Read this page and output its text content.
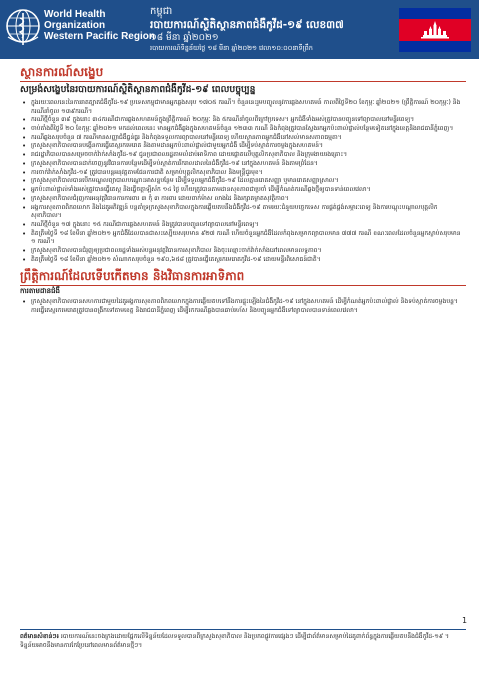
World Health
Organization
Western Pacific Region
កម្ពុជា
របាយការណ៍ស្ថិតិស្ថានភាពជំងឺកូវីដ-១៩ លេខ៣៧
១៨ មីនា ឆ្នាំ២០២១
របាយការណ៍ទិន្នន័យថ្ងៃ ១៨ មីនា ឆ្នាំ២០២១ វេលា១០:០០នាទីព្រឹក
ស្ថានការណ៍សង្ខេប
សម្រង់សង្ខេបនៃរបាយការណ៍ស្ថិតិស្ថានភាពជំងឺកូវីដ-១៩ ពេលបច្ចុប្បន្ន
• ក្នុងរយៈពេលនេះនៃការរាតត្បាតជំងឺកូវីដ-១៩ ប្រទេសកម្ពុជាមានអ្នកឆ្លងសរុប ១៧០៥ ករណី។ ចំនួននេះរួមបញ្ចូលនូវការឆ្លងសហគមន៍ កាលពីថ្ងៃទី២០ ខែកុម្ភៈ ឆ្នាំ២០២១ (ព្រឹត្តិការណ៍ ២០កុម្ភៈ) និងករណីនាំចូល ១៣៩ករណី។
• ករណីថ្មីចំនួន ៣៩ ក្នុងនោះ ៣៤ករណីជាការឆ្លងសហគមន៍ក្នុងព្រឹត្តិការណ៍ ២០កុម្ភៈ និង ៥ករណីនាំចូលពីក្រៅប្រទេស។ អ្នកជំងឺទាំងអស់ត្រូវបានបញ្ជូនទៅព្យាបាលនៅមន្ទីរពេទ្យ។
• ចាប់តាំងពីថ្ងៃទី ២០ ខែកុម្ភៈ ឆ្នាំ២០២១ មកដល់ពេលនេះ មានអ្នកជំងឺឆ្លងក្នុងសហគមន៍ចំនួន ១២៣៣ ករណី និងកំពុងត្រូវបានស្វែងរកអ្នកប៉ះពាល់ផ្ទាល់បន្ថែមទៀតនៅក្នុងខេត្តនិងរាជធានីភ្នំពេញ។
• ករណីឆ្លងសរុបចំនួន ៧ ករណីមានសញ្ញាជំងឺធ្ងន់ធ្ងរ និងកំពុងទទួលការព្យាបាលនៅមន្ទីរពេទ្យ ហើយស្ថានភាពអ្នកជំងឺនៅសល់មានសភាពធម្មតា។
• ក្រសួងសុខាភិបាលបានបង្កើនការធ្វើតេស្តរកមេរោគ និងតាមដានអ្នកប៉ះពាល់ផ្ទាល់ជាមួយអ្នកជំងឺ ដើម្បីទប់ស្កាត់ការចម្លងក្នុងសហគមន៍។
• រាជរដ្ឋាភិបាលបានសម្រេចចាក់វ៉ាក់សាំងកូវីដ-១៩ ជូនប្រជាពលរដ្ឋតាមលំដាប់អាទិភាព ដោយផ្ដោតលើបុគ្គលិកសុខាភិបាល និងក្រុមងាយរងគ្រោះ។
• ក្រសួងសុខាភិបាលបានដាក់ចេញនូវវិធានការបន្ថែមដើម្បីទប់ស្កាត់ការរីករាលដាលនៃជំងឺកូវីដ-១៩ នៅក្នុងសហគមន៍ និងតាមព្រំដែន។
• ការចាក់វ៉ាក់សាំងកូវីដ-១៩ ត្រូវបានបន្តអនុវត្តតាមផែនការជាតិ សម្រាប់បុគ្គលិកសុខាភិបាល និងមន្ត្រីជួរមុខ។
• ក្រសួងសុខាភិបាលបានបើកមណ្ឌលព្យាបាលបណ្ដោះអាសន្នបន្ថែម ដើម្បីទទួលអ្នកជំងឺកូវីដ-១៩ ដែលគ្មានរោគសញ្ញា ឬមានរោគសញ្ញាស្រាល។
• អ្នកប៉ះពាល់ផ្ទាល់ទាំងអស់ត្រូវបានធ្វើតេស្ត និងធ្វើចត្តាឡីស័ក ១៤ ថ្ងៃ ហើយត្រូវបានតាមដានសុខភាពជាប្រចាំ ដើម្បីកំណត់ករណីឆ្លងថ្មីឲ្យបានទាន់ពេលវេលា។
• ក្រសួងសុខាភិបាលជំរុញការអនុវត្តវិធានការការពារ ៣ កុំ ៣ ការពារ ដោយពាក់ម៉ាស លាងដៃ និងរក្សាគម្លាតសុវត្ថិភាព។
• អង្គការសុខភាពពិភពលោក និងដៃគូអភិវឌ្ឍន៍ បន្តគាំទ្រក្រសួងសុខាភិបាលក្នុងការឆ្លើយតបនឹងជំងឺកូវីដ-១៩ តាមរយៈជំនួយបច្ចេកទេស ការផ្គត់ផ្គង់សម្ភារៈពេទ្យ និងការបណ្ដុះបណ្ដាលបុគ្គលិកសុខាភិបាល។
• ករណីថ្មីចំនួន ១៧ ក្នុងនោះ ១៥ ករណីជាការឆ្លងសហគមន៍ និងត្រូវបានបញ្ជូនទៅព្យាបាលនៅមន្ទីរពេទ្យ។
• គិតត្រឹមថ្ងៃទី ១៨ ខែមីនា ឆ្នាំ២០២១ អ្នកជំងឺដែលបានជាសះស្បើយសរុបមាន ៩២៧ ករណី ហើយចំនួនអ្នកជំងឺដែលកំពុងសម្រាកព្យាបាលមាន ៧៧៧ ករណី ខណៈពេលដែលចំនួនអ្នកស្លាប់សរុបមាន ១ ករណី។
• ក្រសួងសុខាភិបាលបានជំរុញឲ្យប្រជាពលរដ្ឋទាំងអស់បន្តអនុវត្តវិធានការសុខាភិបាល និងចុះឈ្មោះចាក់វ៉ាក់សាំងនៅពេលមានលទ្ធភាព។
• គិតត្រឹមថ្ងៃទី ១៨ ខែមីនា ឆ្នាំ២០២១ សំណាកសរុបចំនួន ១៩០,៦៥៨ ត្រូវបានធ្វើតេស្តរកមេរោគកូវីដ-១៩ ដោយមន្ទីរពិសោធន៍ជាតិ។
ព្រឹត្តិការណ៍ដែលទើបកើតមាន និងវិធានការអាទិភាព
ការតាមដានជំងឺ
• ក្រសួងសុខាភិបាលបានសហការជាមួយដៃគូអង្គការសុខភាពពិភពលោកក្នុងការឆ្លើយតបទៅនឹងការផ្ទុះឡើងនៃជំងឺកូវីដ-១៩ នៅក្នុងសហគមន៍ ដើម្បីកំណត់អ្នកប៉ះពាល់ផ្ទាល់ និងទប់ស្កាត់ការចម្លងបន្ត។ ការធ្វើតេស្តរកមេរោគត្រូវបានពង្រីកទៅតាមខេត្ត និងរាជធានីភ្នំពេញ ដើម្បីរកករណីឆ្លងបានឆាប់រហ័ស និងបញ្ជូនអ្នកជំងឺទៅព្យាបាលបានទាន់ពេលវេលា។
1
ពត៌មានសំខាន់ៗ៖ របាយការណ៍នេះចងក្រងដោយផ្អែកលើទិន្នន័យដែលទទួលបានពីក្រសួងសុខាភិបាល និងប្រភពផ្លូវការផ្សេងៗ ដើម្បីជាព័ត៌មានសម្រាប់ដៃគូពាក់ព័ន្ធក្នុងការឆ្លើយតបនឹងជំងឺកូវីដ-១៩ ។ ទិន្នន័យអាចនឹងមានការកែប្រែនៅពេលមានព័ត៌មានថ្មីៗ។
